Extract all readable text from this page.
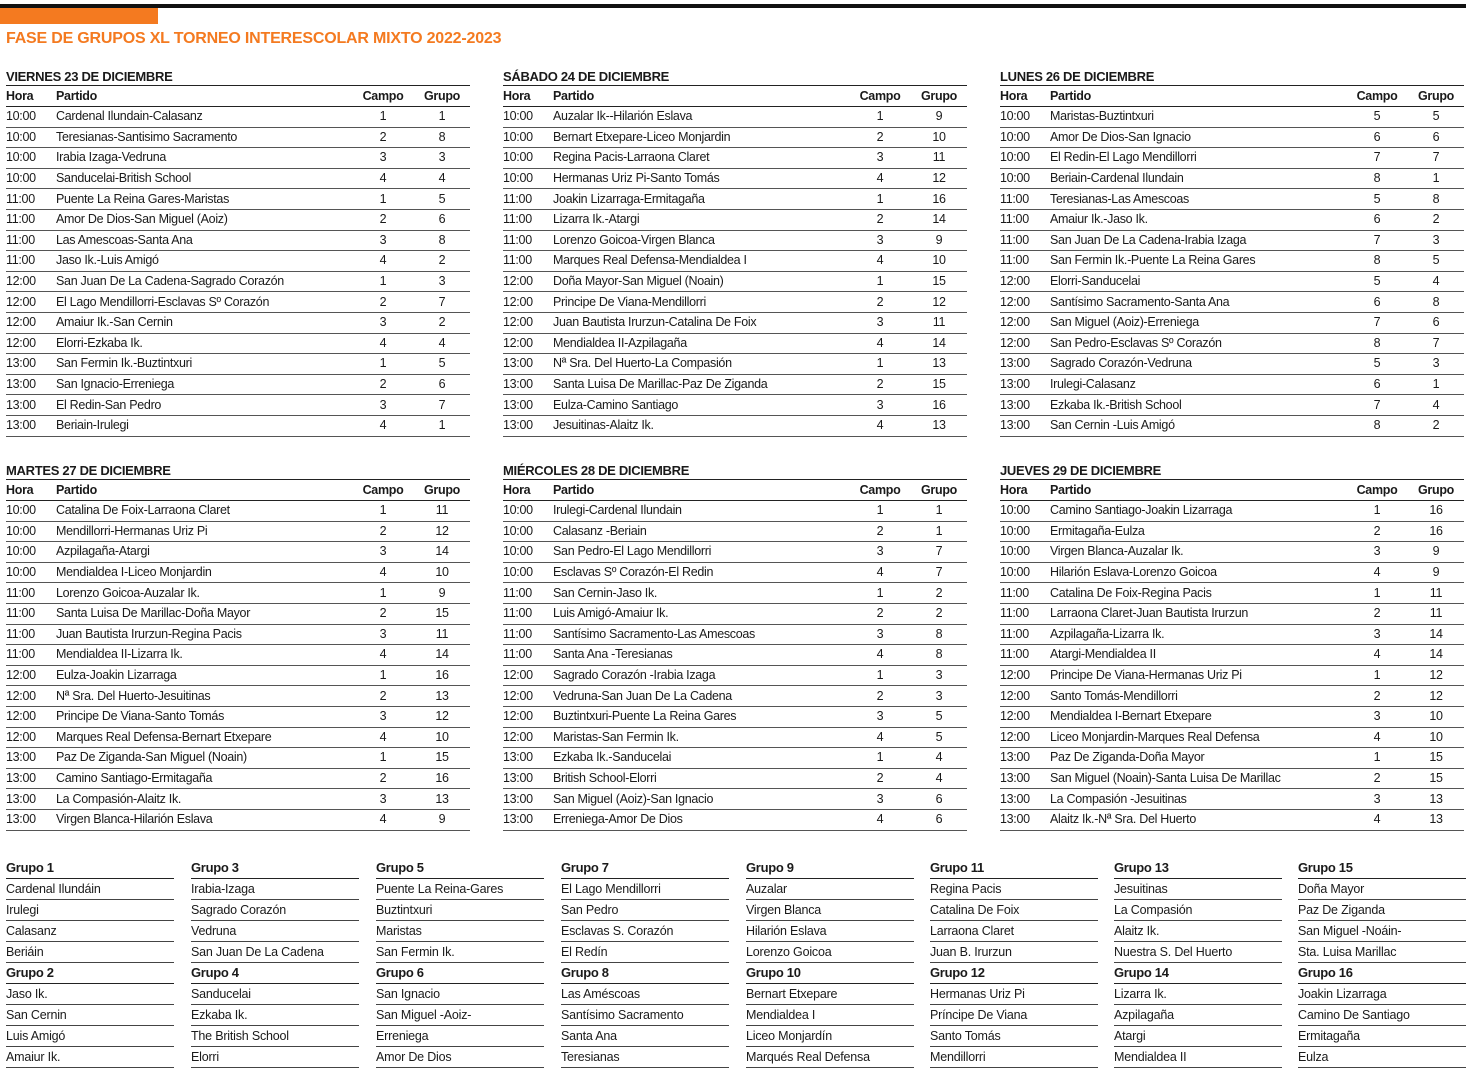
FASE DE GRUPOS XL TORNEO INTERESCOLAR MIXTO 2022-2023
VIERNES 23 DE DICIEMBRE
Hora	Partido	Campo	Grupo
10:00	Cardenal Ilundain-Calasanz	1	1
10:00	Teresianas-Santisimo Sacramento	2	8
10:00	Irabia Izaga-Vedruna	3	3
10:00	Sanducelai-British School	4	4
11:00	Puente La Reina Gares-Maristas	1	5
11:00	Amor De Dios-San Miguel (Aoiz)	2	6
11:00	Las Amescoas-Santa Ana	3	8
11:00	Jaso Ik.-Luis Amigó	4	2
12:00	San Juan De La Cadena-Sagrado Corazón	1	3
12:00	El Lago Mendillorri-Esclavas Sº Corazón	2	7
12:00	Amaiur Ik.-San Cernin	3	2
12:00	Elorri-Ezkaba Ik.	4	4
13:00	San Fermin Ik.-Buztintxuri	1	5
13:00	San Ignacio-Erreniega	2	6
13:00	El Redin-San Pedro	3	7
13:00	Beriain-Irulegi	4	1
SÁBADO 24 DE DICIEMBRE
Hora	Partido	Campo	Grupo
10:00	Auzalar Ik--Hilarión Eslava	1	9
10:00	Bernart Etxepare-Liceo Monjardin	2	10
10:00	Regina Pacis-Larraona Claret	3	11
10:00	Hermanas Uriz Pi-Santo Tomás	4	12
11:00	Joakin Lizarraga-Ermitagaña	1	16
11:00	Lizarra Ik.-Atargi	2	14
11:00	Lorenzo Goicoa-Virgen Blanca	3	9
11:00	Marques Real Defensa-Mendialdea I	4	10
12:00	Doña Mayor-San Miguel (Noain)	1	15
12:00	Principe De Viana-Mendillorri	2	12
12:00	Juan Bautista Irurzun-Catalina De Foix	3	11
12:00	Mendialdea II-Azpilagaña	4	14
13:00	Nª Sra. Del Huerto-La Compasión	1	13
13:00	Santa Luisa De Marillac-Paz De Ziganda	2	15
13:00	Eulza-Camino Santiago	3	16
13:00	Jesuitinas-Alaitz Ik.	4	13
LUNES 26 DE DICIEMBRE
Hora	Partido	Campo	Grupo
10:00	Maristas-Buztintxuri	5	5
10:00	Amor De Dios-San Ignacio	6	6
10:00	El Redin-El Lago Mendillorri	7	7
10:00	Beriain-Cardenal Ilundain	8	1
11:00	Teresianas-Las Amescoas	5	8
11:00	Amaiur Ik.-Jaso Ik.	6	2
11:00	San Juan De La Cadena-Irabia Izaga	7	3
11:00	San Fermin Ik.-Puente La Reina Gares	8	5
12:00	Elorri-Sanducelai	5	4
12:00	Santísimo Sacramento-Santa Ana	6	8
12:00	San Miguel (Aoiz)-Erreniega	7	6
12:00	San Pedro-Esclavas Sº Corazón	8	7
13:00	Sagrado Corazón-Vedruna	5	3
13:00	Irulegi-Calasanz	6	1
13:00	Ezkaba Ik.-British School	7	4
13:00	San Cernin -Luis Amigó	8	2
MARTES 27 DE DICIEMBRE
Hora	Partido	Campo	Grupo
10:00	Catalina De Foix-Larraona Claret	1	11
10:00	Mendillorri-Hermanas Uriz Pi	2	12
10:00	Azpilagaña-Atargi	3	14
10:00	Mendialdea I-Liceo Monjardin	4	10
11:00	Lorenzo Goicoa-Auzalar Ik.	1	9
11:00	Santa Luisa De Marillac-Doña Mayor	2	15
11:00	Juan Bautista Irurzun-Regina Pacis	3	11
11:00	Mendialdea II-Lizarra Ik.	4	14
12:00	Eulza-Joakin Lizarraga	1	16
12:00	Nª Sra. Del Huerto-Jesuitinas	2	13
12:00	Principe De Viana-Santo Tomás	3	12
12:00	Marques Real Defensa-Bernart Etxepare	4	10
13:00	Paz De Ziganda-San Miguel (Noain)	1	15
13:00	Camino Santiago-Ermitagaña	2	16
13:00	La Compasión-Alaitz Ik.	3	13
13:00	Virgen Blanca-Hilarión Eslava	4	9
MIÉRCOLES 28 DE DICIEMBRE
Hora	Partido	Campo	Grupo
10:00	Irulegi-Cardenal Ilundain	1	1
10:00	Calasanz -Beriain	2	1
10:00	San Pedro-El Lago Mendillorri	3	7
10:00	Esclavas Sº Corazón-El Redin	4	7
11:00	San Cernin-Jaso Ik.	1	2
11:00	Luis Amigó-Amaiur Ik.	2	2
11:00	Santísimo Sacramento-Las Amescoas	3	8
11:00	Santa Ana -Teresianas	4	8
12:00	Sagrado Corazón -Irabia Izaga	1	3
12:00	Vedruna-San Juan De La Cadena	2	3
12:00	Buztintxuri-Puente La Reina Gares	3	5
12:00	Maristas-San Fermin Ik.	4	5
13:00	Ezkaba Ik.-Sanducelai	1	4
13:00	British School-Elorri	2	4
13:00	San Miguel (Aoiz)-San Ignacio	3	6
13:00	Erreniega-Amor De Dios	4	6
JUEVES 29 DE DICIEMBRE
Hora	Partido	Campo	Grupo
10:00	Camino Santiago-Joakin Lizarraga	1	16
10:00	Ermitagaña-Eulza	2	16
10:00	Virgen Blanca-Auzalar Ik.	3	9
10:00	Hilarión Eslava-Lorenzo Goicoa	4	9
11:00	Catalina De Foix-Regina Pacis	1	11
11:00	Larraona Claret-Juan Bautista Irurzun	2	11
11:00	Azpilagaña-Lizarra Ik.	3	14
11:00	Atargi-Mendialdea II	4	14
12:00	Principe De Viana-Hermanas Uriz Pi	1	12
12:00	Santo Tomás-Mendillorri	2	12
12:00	Mendialdea I-Bernart Etxepare	3	10
12:00	Liceo Monjardin-Marques Real Defensa	4	10
13:00	Paz De Ziganda-Doña Mayor	1	15
13:00	San Miguel (Noain)-Santa Luisa De Marillac	2	15
13:00	La Compasión -Jesuitinas	3	13
13:00	Alaitz Ik.-Nª Sra. Del Huerto	4	13
Grupo 1
Cardenal Ilundáin
Irulegi
Calasanz
Beriáin
Grupo 2
Jaso Ik.
San Cernin
Luis Amigó
Amaiur Ik.
Grupo 3
Irabia-Izaga
Sagrado Corazón
Vedruna
San Juan De La Cadena
Grupo 4
Sanducelai
Ezkaba Ik.
The British School
Elorri
Grupo 5
Puente La Reina-Gares
Buztintxuri
Maristas
San Fermin Ik.
Grupo 6
San Ignacio
San Miguel -Aoiz-
Erreniega
Amor De Dios
Grupo 7
El Lago Mendillorri
San Pedro
Esclavas S. Corazón
El Redín
Grupo 8
Las Améscoas
Santísimo Sacramento
Santa Ana
Teresianas
Grupo 9
Auzalar
Virgen Blanca
Hilarión Eslava
Lorenzo Goicoa
Grupo 10
Bernart Etxepare
Mendialdea I
Liceo Monjardín
Marqués Real Defensa
Grupo 11
Regina Pacis
Catalina De Foix
Larraona Claret
Juan B. Irurzun
Grupo 12
Hermanas Uriz Pi
Príncipe De Viana
Santo Tomás
Mendillorri
Grupo 13
Jesuitinas
La Compasión
Alaitz Ik.
Nuestra S. Del Huerto
Grupo 14
Lizarra Ik.
Azpilagaña
Atargi
Mendialdea II
Grupo 15
Doña Mayor
Paz De Ziganda
San Miguel -Noáin-
Sta. Luisa Marillac
Grupo 16
Joakin Lizarraga
Camino De Santiago
Ermitagaña
Eulza
